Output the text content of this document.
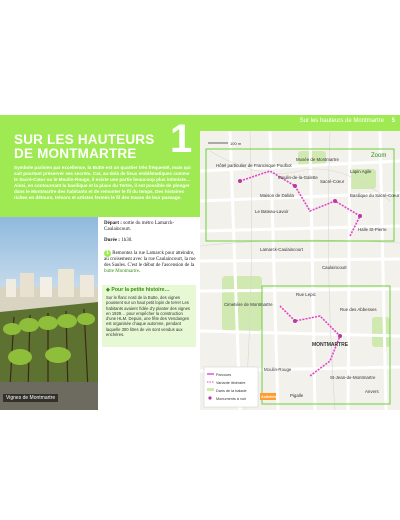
SUR LES HAUTEURS DE MONTMARTRE 1
Symbole parisien par excellence, la Butte est un quartier très fréquenté, mais qui sait pourtant préserver ses secrets. Car, au-delà de lieux emblématiques comme le Sacré-Cœur ou le Moulin-Rouge, il existe une partie beaucoup plus intimiste… Ainsi, en contournant la basilique et la place du Tertre, il est possible de plonger dans le Montmartre des habitants et de remonter le fil du temps. Des histoires riches en détours, trésors et artistes fermés le fil des traces de leur passage.
Vignes de Montmartre

Départ : sortie du métro Lamarck-Caulaincourt.

Durée : 1h30.

1 Remontez la rue Lamarck pour atteindre, au croisement avec la rue Caulaincourt, la rue des Saules. C'est le début de l'ascension de la butte Montmartre.

◆ Pour la petite histoire…
Sur le flanc nord de la Butte, des vignes poussent sur un haut petit lopin de terre! Les habitants avaient l'idée d'y planter des vignes en 1929… pour empêcher la construction d'une HLM. Depuis, une fête des Vendanges est organisée chaque automne, pendant laquelle 300 litres de vin sont vendus aux enchères.
Sur les hauteurs de Montmartre 5
Zoom
Hôtel particulier de Francisque Poulbot
Moulin-de-la-Galette
Maison de Dalida
Le Bateau-Lavoir
Sacré-Cœur
Basilique du Sacré-Cœur
Halle St-Pierre
Musée de Montmartre
Lapin Agile
Cimetière de Montmartre
MONTMARTRE
Moulin-Rouge
Caulaincourt
Pigalle
Anvers
St-Jean-de-Montmartre
Rue Lepic
Rue des Abbesses
Lamarck-Caulaincourt
100 m
Parcours
Variante itinéraire
Dans de la balade
Monuments à voir	Activités
